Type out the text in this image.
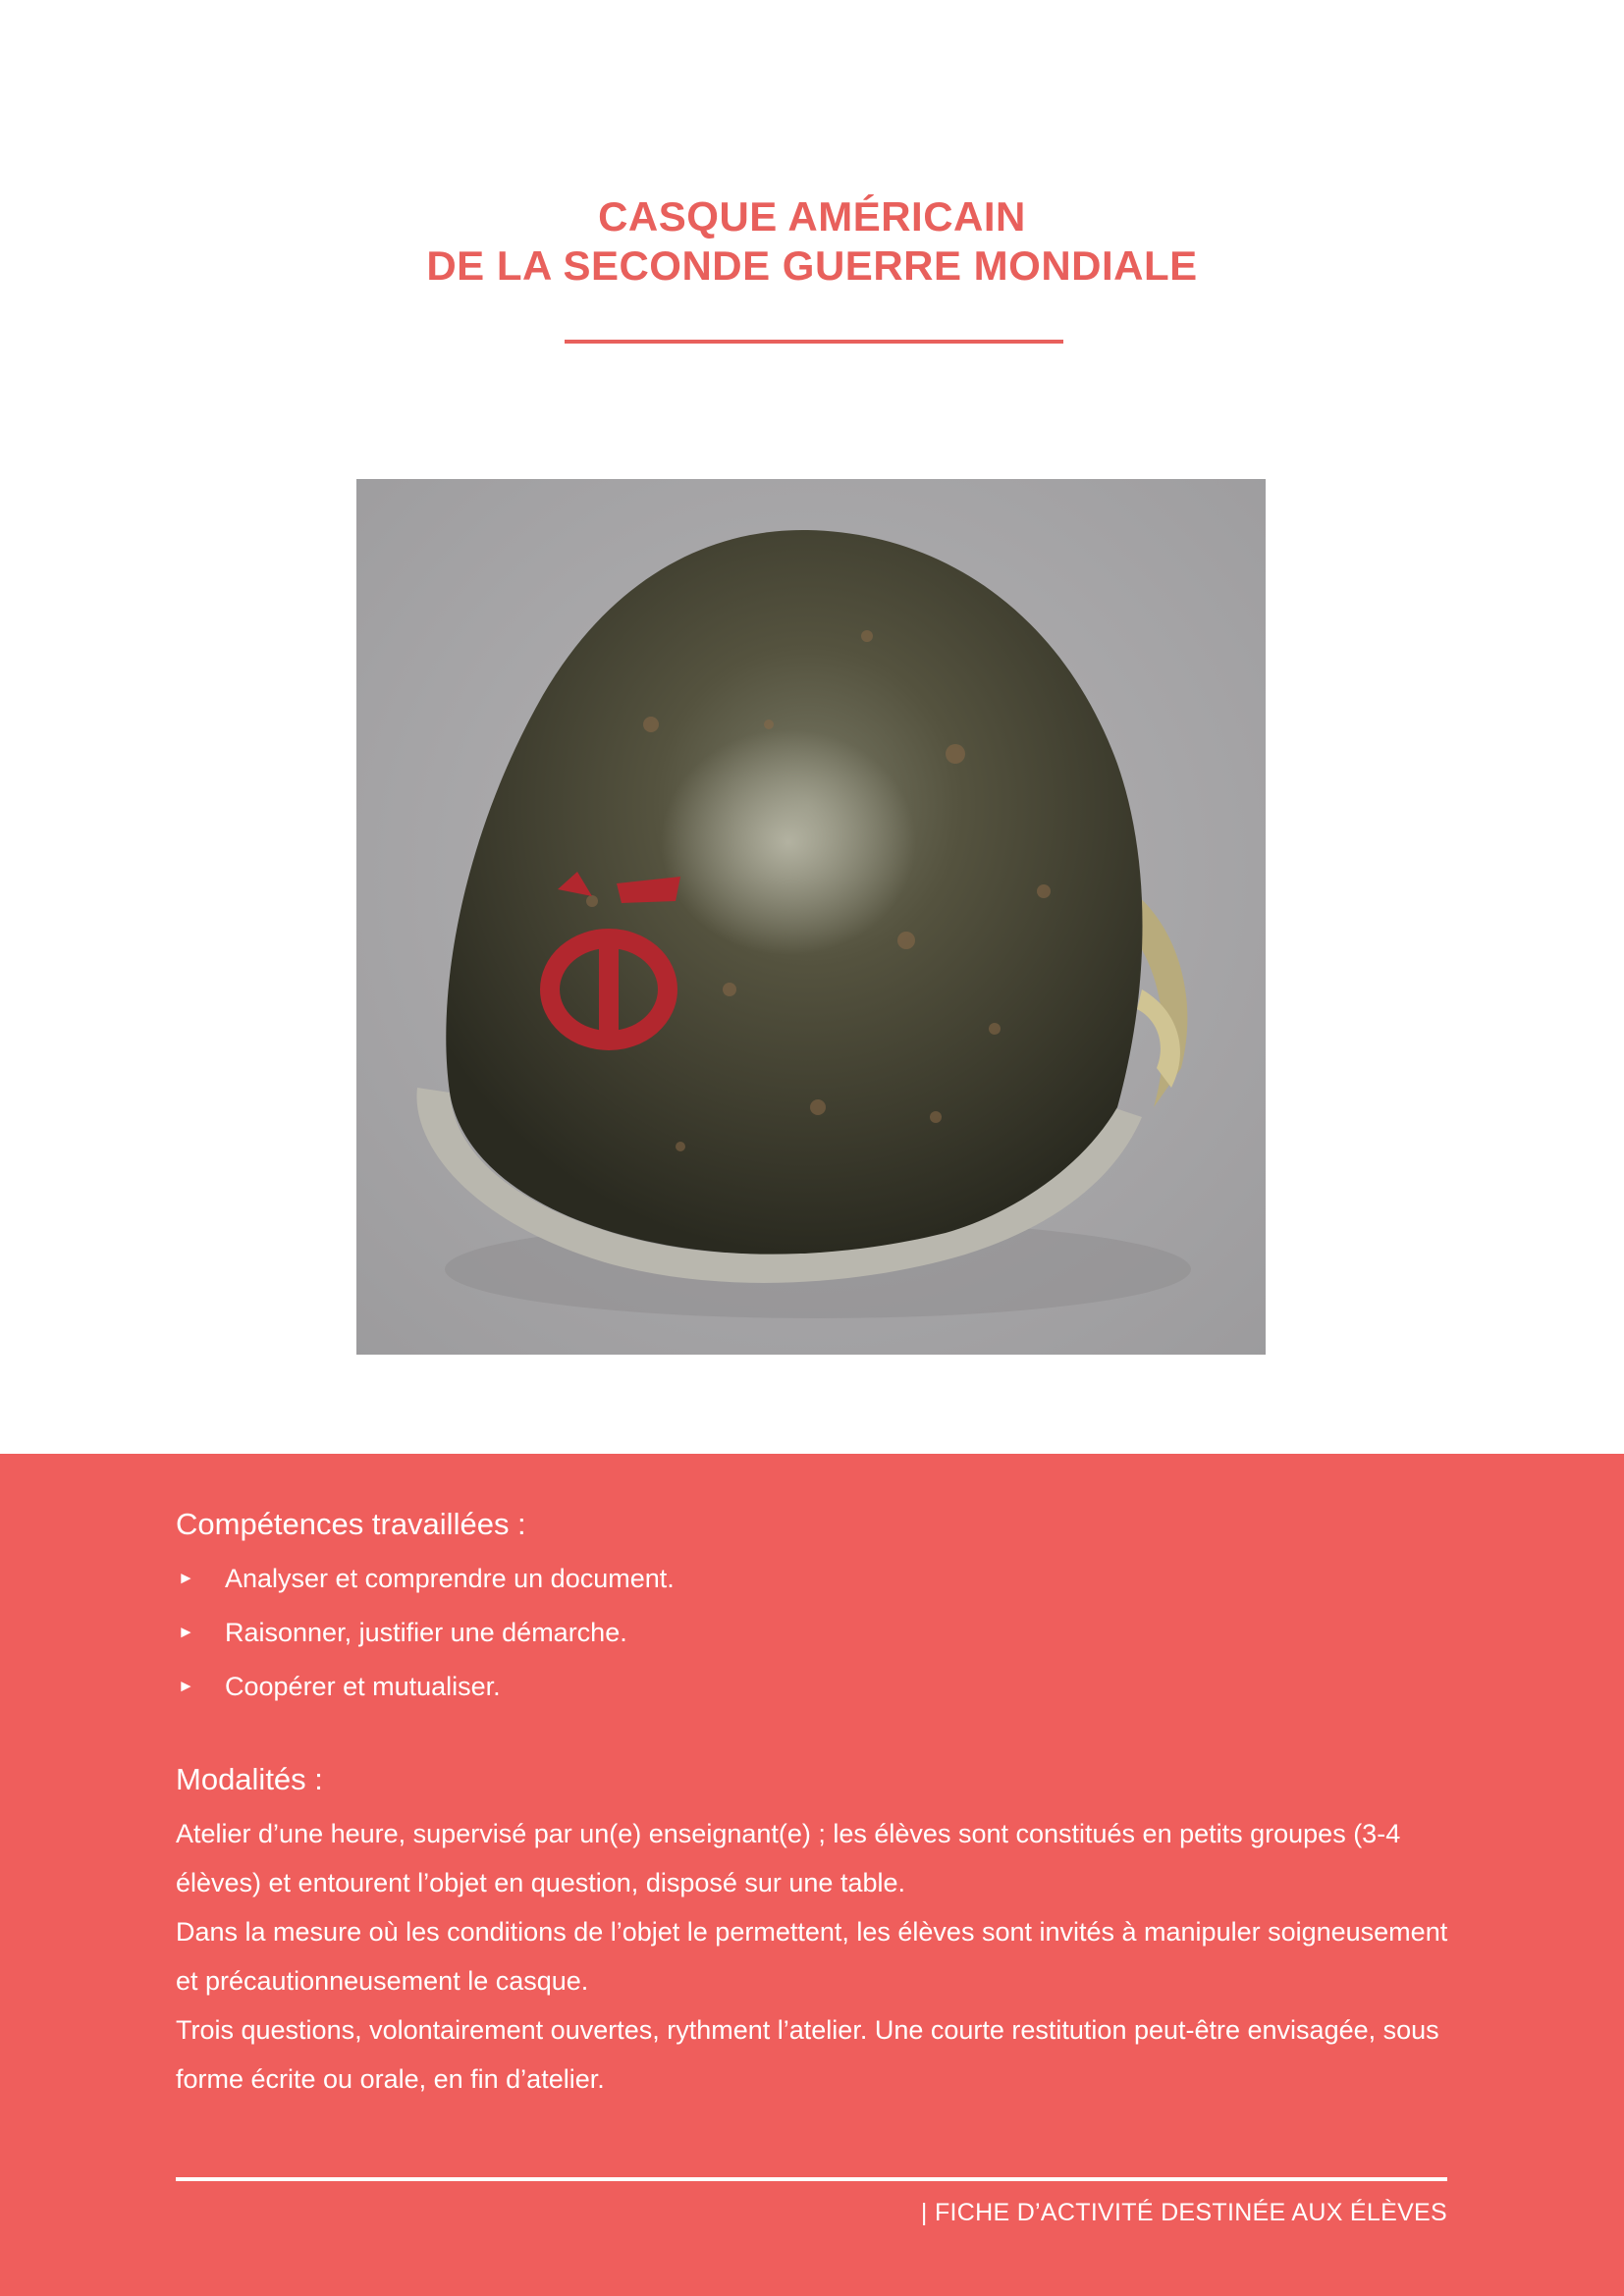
CASQUE AMÉRICAIN
DE LA SECONDE GUERRE MONDIALE
Compétences travaillées :
► Analyser et comprendre un document.
► Raisonner, justifier une démarche.
► Coopérer et mutualiser.
Modalités :

Atelier d’une heure, supervisé par un(e) enseignant(e) ; les élèves sont constitués en petits groupes (3-4 élèves) et entourent l’objet en question, disposé sur une table.

Dans la mesure où les conditions de l’objet le permettent, les élèves sont invités à manipuler soigneusement et précautionneusement le casque.

Trois questions, volontairement ouvertes, rythment l’atelier. Une courte restitution peut-être envisagée, sous forme écrite ou orale, en fin d’atelier.

| FICHE D’ACTIVITÉ DESTINÉE AUX ÉLÈVES
